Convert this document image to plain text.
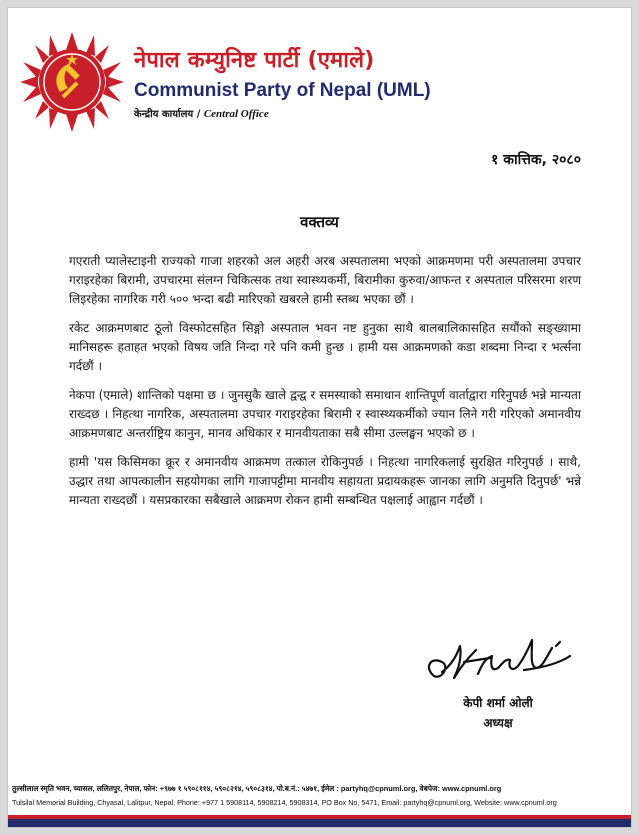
नेपाल कम्युनिष्ट पार्टी (एमाले)
Communist Party of Nepal (UML)
केन्द्रीय कार्यालय / Central Office
१ कात्तिक, २०८०
वक्तव्य

गएराती प्यालेस्टाइनी राज्यको गाजा शहरको अल अहरी अरब अस्पतालमा भएको आक्रमणमा परी अस्पतालमा उपचार गराइरहेका बिरामी, उपचारमा संलग्न चिकित्सक तथा स्वास्थ्यकर्मी, बिरामीका कुरुवा/आफन्त र अस्पताल परिसरमा शरण लिइरहेका नागरिक गरी ५०० भन्दा बढी मारिएको खबरले हामी स्तब्ध भएका छौं ।

रकेट आक्रमणबाट ठूलो विस्फोटसहित सिङ्गो अस्पताल भवन नष्ट हुनुका साथै बालबालिकासहित सयौंको सङ्ख्यामा मानिसहरू हताहत भएको विषय जति निन्दा गरे पनि कमी हुन्छ । हामी यस आक्रमणको कडा शब्दमा निन्दा र भर्त्सना गर्दछौं ।

नेकपा (एमाले) शान्तिको पक्षमा छ । जुनसुकै खाले द्वन्द्व र समस्याको समाधान शान्तिपूर्ण वार्ताद्वारा गरिनुपर्छ भन्ने मान्यता राख्दछ । निहत्था नागरिक, अस्पतालमा उपचार गराइरहेका बिरामी र स्वास्थ्यकर्मीको ज्यान लिने गरी गरिएको अमानवीय आक्रमणबाट अन्तर्राष्ट्रिय कानुन, मानव अधिकार र मानवीयताका सबै सीमा उल्लङ्घन भएको छ ।

हामी 'यस किसिमका क्रूर र अमानवीय आक्रमण तत्काल रोकिनुपर्छ । निहत्था नागरिकलाई सुरक्षित गरिनुपर्छ । साथै, उद्धार तथा आपत्कालीन सहयोगका लागि गाजापट्टीमा मानवीय सहायता प्रदायकहरू जानका लागि अनुमति दिनुपर्छ' भन्ने मान्यता राख्दछौं । यसप्रकारका सबैखाले आक्रमण रोकन हामी सम्बन्धित पक्षलाई आह्वान गर्दछौं ।

केपी शर्मा ओली
अध्यक्ष
तुल्सीलाल स्मृति भवन, च्यासल, ललितपुर, नेपाल, फोन: +९७७ १ ५९०८११४, ५९०८२१४, ५९०८३१४, पो.ब.नं.: ५४७१, ईमेल : partyhq@cpnuml.org, वेबपेज: www.cpnuml.org
Tulsilal Memorial Building, Chyasal, Lalitpur, Nepal, Phone: +977 1 5908114, 5908214, 5908314, PO Box No, 5471, Email: partyhq@cpnuml.org, Website: www.cpnuml.org
